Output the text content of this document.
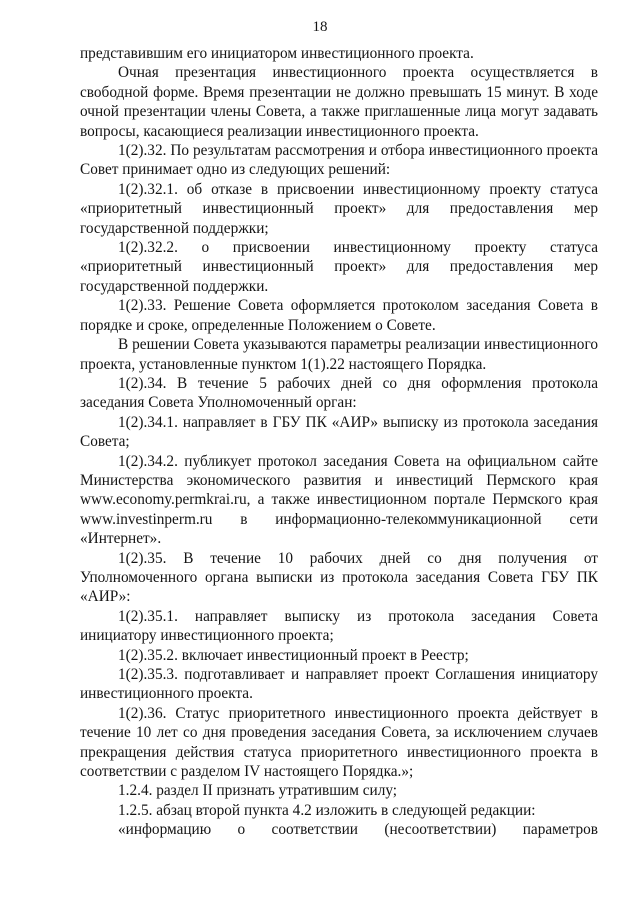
18

представившим его инициатором инвестиционного проекта.

Очная презентация инвестиционного проекта осуществляется в свободной форме. Время презентации не должно превышать 15 минут. В ходе очной презентации члены Совета, а также приглашенные лица могут задавать вопросы, касающиеся реализации инвестиционного проекта.

1(2).32. По результатам рассмотрения и отбора инвестиционного проекта Совет принимает одно из следующих решений:

1(2).32.1. об отказе в присвоении инвестиционному проекту статуса «приоритетный инвестиционный проект» для предоставления мер государственной поддержки;

1(2).32.2. о присвоении инвестиционному проекту статуса «приоритетный инвестиционный проект» для предоставления мер государственной поддержки.

1(2).33. Решение Совета оформляется протоколом заседания Совета в порядке и сроке, определенные Положением о Совете.

В решении Совета указываются параметры реализации инвестиционного проекта, установленные пунктом 1(1).22 настоящего Порядка.

1(2).34. В течение 5 рабочих дней со дня оформления протокола заседания Совета Уполномоченный орган:

1(2).34.1. направляет в ГБУ ПК «АИР» выписку из протокола заседания Совета;

1(2).34.2. публикует протокол заседания Совета на официальном сайте Министерства экономического развития и инвестиций Пермского края www.economy.permkrai.ru, а также инвестиционном портале Пермского края www.investinperm.ru в информационно-телекоммуникационной сети «Интернет».

1(2).35. В течение 10 рабочих дней со дня получения от Уполномоченного органа выписки из протокола заседания Совета ГБУ ПК «АИР»:

1(2).35.1. направляет выписку из протокола заседания Совета инициатору инвестиционного проекта;

1(2).35.2. включает инвестиционный проект в Реестр;

1(2).35.3. подготавливает и направляет проект Соглашения инициатору инвестиционного проекта.

1(2).36. Статус приоритетного инвестиционного проекта действует в течение 10 лет со дня проведения заседания Совета, за исключением случаев прекращения действия статуса приоритетного инвестиционного проекта в соответствии с разделом IV настоящего Порядка.»;

1.2.4. раздел II признать утратившим силу;

1.2.5. абзац второй пункта 4.2 изложить в следующей редакции:

«информацию о соответствии (несоответствии) параметров
